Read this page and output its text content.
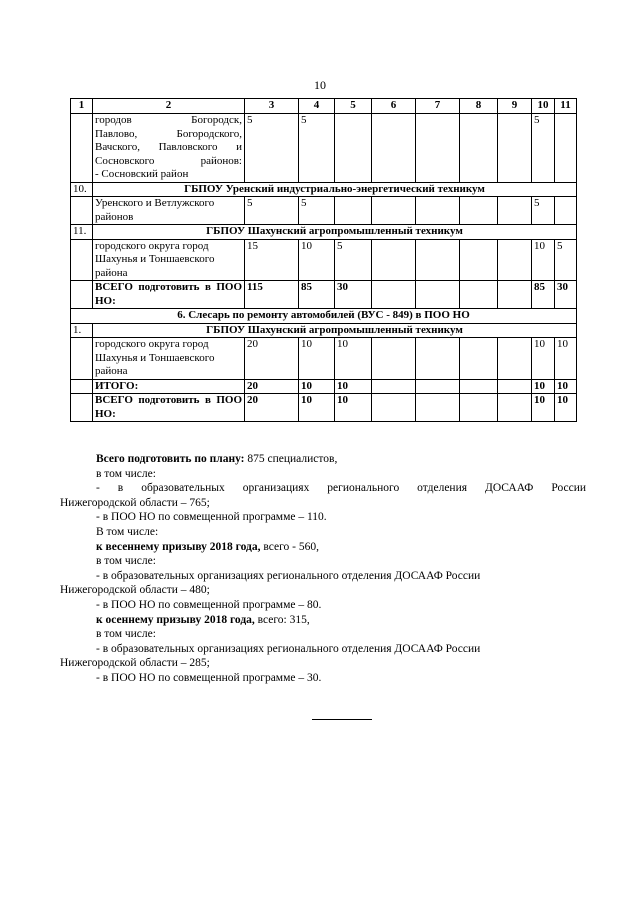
10
1	2	3	4	5	6	7	8	9	10	11

	городов Богородск,
Павлово, Богородского,
Вачского, Павловского и
Сосновского районов:
- Сосновский район	5	5						5	
10.	ГБПОУ Уренский индустриально-энергетический техникум									

	Уренского и Ветлужского
районов	5	5						5	
11.	ГБПОУ Шахунский агропромышленный техникум									

	городского округа город
Шахунья и Тоншаевского
района	15	10	5					10	5
	ВСЕГО подготовить в ПОО НО:	115	85	30					85	30
6. Слесарь по ремонту автомобилей (ВУС - 849) в ПОО НО										
1.	ГБПОУ Шахунский агропромышленный техникум									

	городского округа город
Шахунья и Тоншаевского
района	20	10	10					10	10
	ИТОГО:	20	10	10					10	10
	ВСЕГО подготовить в ПОО НО:	20	10	10					10	10

Всего подготовить по плану: 875 специалистов,

в том числе:

- в образовательных организациях регионального отделения ДОСААФ России

Нижегородской области – 765;

- в ПОО НО по совмещенной программе – 110.

В том числе:

к весеннему призыву 2018 года, всего - 560,

в том числе:

- в образовательных организациях регионального отделения ДОСААФ России

Нижегородской области – 480;

- в ПОО НО по совмещенной программе – 80.

к осеннему призыву 2018 года, всего: 315,

в том числе:

- в образовательных организациях регионального отделения ДОСААФ России

Нижегородской области – 285;

- в ПОО НО по совмещенной программе – 30.
